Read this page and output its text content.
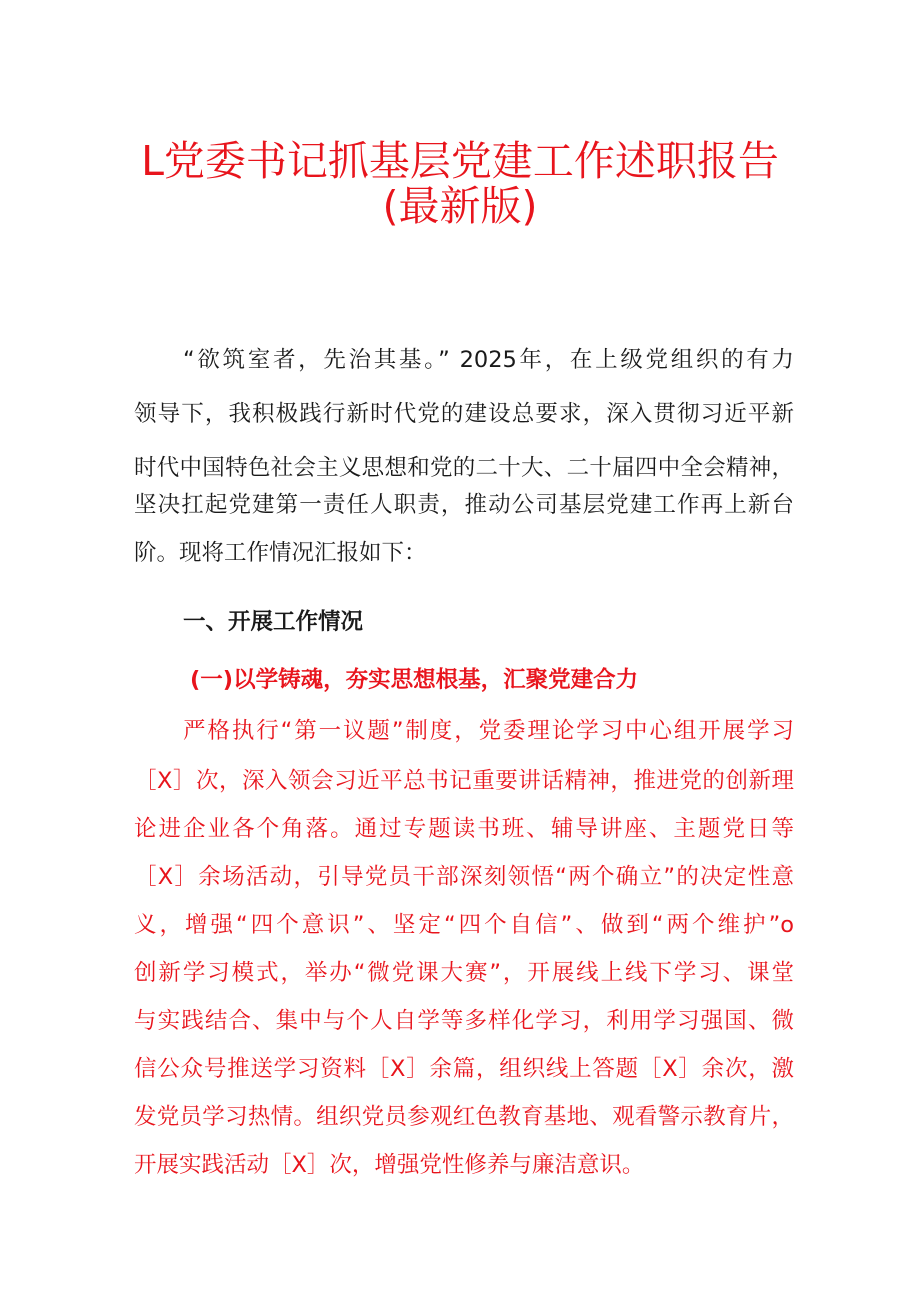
L党委书记抓基层党建工作述职报告
(最新版)
“欲筑室者，先治其基。” 2025年，在上级党组织的有力
领导下，我积极践行新时代党的建设总要求，深入贯彻习近平新
时代中国特色社会主义思想和党的二十大、二十届四中全会精神，
坚决扛起党建第一责任人职责，推动公司基层党建工作再上新台
阶。现将工作情况汇报如下：
一、开展工作情况
(一)以学铸魂，夯实思想根基，汇聚党建合力
严格执行“第一议题”制度，党委理论学习中心组开展学习
［X］次，深入领会习近平总书记重要讲话精神，推进党的创新理
论进企业各个角落。通过专题读书班、辅导讲座、主题党日等
［X］余场活动，引导党员干部深刻领悟“两个确立”的决定性意
义，增强“四个意识”、坚定“四个自信”、做到“两个维护”o
创新学习模式，举办“微党课大赛”，开展线上线下学习、课堂
与实践结合、集中与个人自学等多样化学习，利用学习强国、微
信公众号推送学习资料［X］余篇，组织线上答题［X］余次，激
发党员学习热情。组织党员参观红色教育基地、观看警示教育片，
开展实践活动［X］次，增强党性修养与廉洁意识。
